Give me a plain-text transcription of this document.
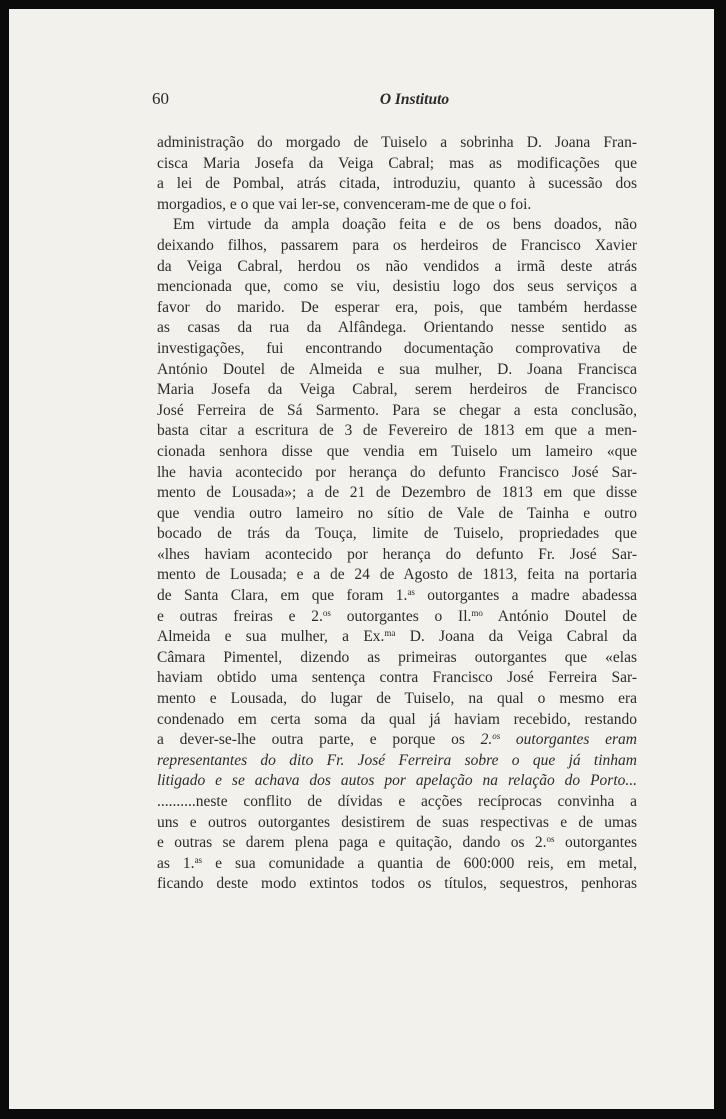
60	O Instituto
administração do morgado de Tuiselo a sobrinha D. Joana Fran-
cisca Maria Josefa da Veiga Cabral; mas as modificações que
a lei de Pombal, atrás citada, introduziu, quanto à sucessão dos
morgadios, e o que vai ler-se, convenceram-me de que o foi.
Em virtude da ampla doação feita e de os bens doados, não
deixando filhos, passarem para os herdeiros de Francisco Xavier
da Veiga Cabral, herdou os não vendidos a irmã deste atrás
mencionada que, como se viu, desistiu logo dos seus serviços a
favor do marido. De esperar era, pois, que também herdasse
as casas da rua da Alfândega. Orientando nesse sentido as
investigações, fui encontrando documentação comprovativa de
António Doutel de Almeida e sua mulher, D. Joana Francisca
Maria Josefa da Veiga Cabral, serem herdeiros de Francisco
José Ferreira de Sá Sarmento. Para se chegar a esta conclusão,
basta citar a escritura de 3 de Fevereiro de 1813 em que a men-
cionada senhora disse que vendia em Tuiselo um lameiro «que
lhe havia acontecido por herança do defunto Francisco José Sar-
mento de Lousada»; a de 21 de Dezembro de 1813 em que disse
que vendia outro lameiro no sítio de Vale de Tainha e outro
bocado de trás da Touça, limite de Tuiselo, propriedades que
«lhes haviam acontecido por herança do defunto Fr. José Sar-
mento de Lousada; e a de 24 de Agosto de 1813, feita na portaria
de Santa Clara, em que foram 1.$^{as}$ outorgantes a madre abadessa
e outras freiras e 2.$^{os}$ outorgantes o Il.$^{mo}$ António Doutel de
Almeida e sua mulher, a Ex.$^{ma}$ D. Joana da Veiga Cabral da
Câmara Pimentel, dizendo as primeiras outorgantes que «elas
haviam obtido uma sentença contra Francisco José Ferreira Sar-
mento e Lousada, do lugar de Tuiselo, na qual o mesmo era
condenado em certa soma da qual já haviam recebido, restando
a dever-se-lhe outra parte, e porque os 2.$^{os}$ outorgantes eram
representantes do dito Fr. José Ferreira sobre o que já tinham
litigado e se achava dos autos por apelação na relação do Porto...
..........neste conflito de dívidas e acções recíprocas convinha a
uns e outros outorgantes desistirem de suas respectivas e de umas
e outras se darem plena paga e quitação, dando os 2.$^{os}$ outorgantes
as 1.$^{as}$ e sua comunidade a quantia de 600:000 reis, em metal,
ficando deste modo extintos todos os títulos, sequestros, penhoras
